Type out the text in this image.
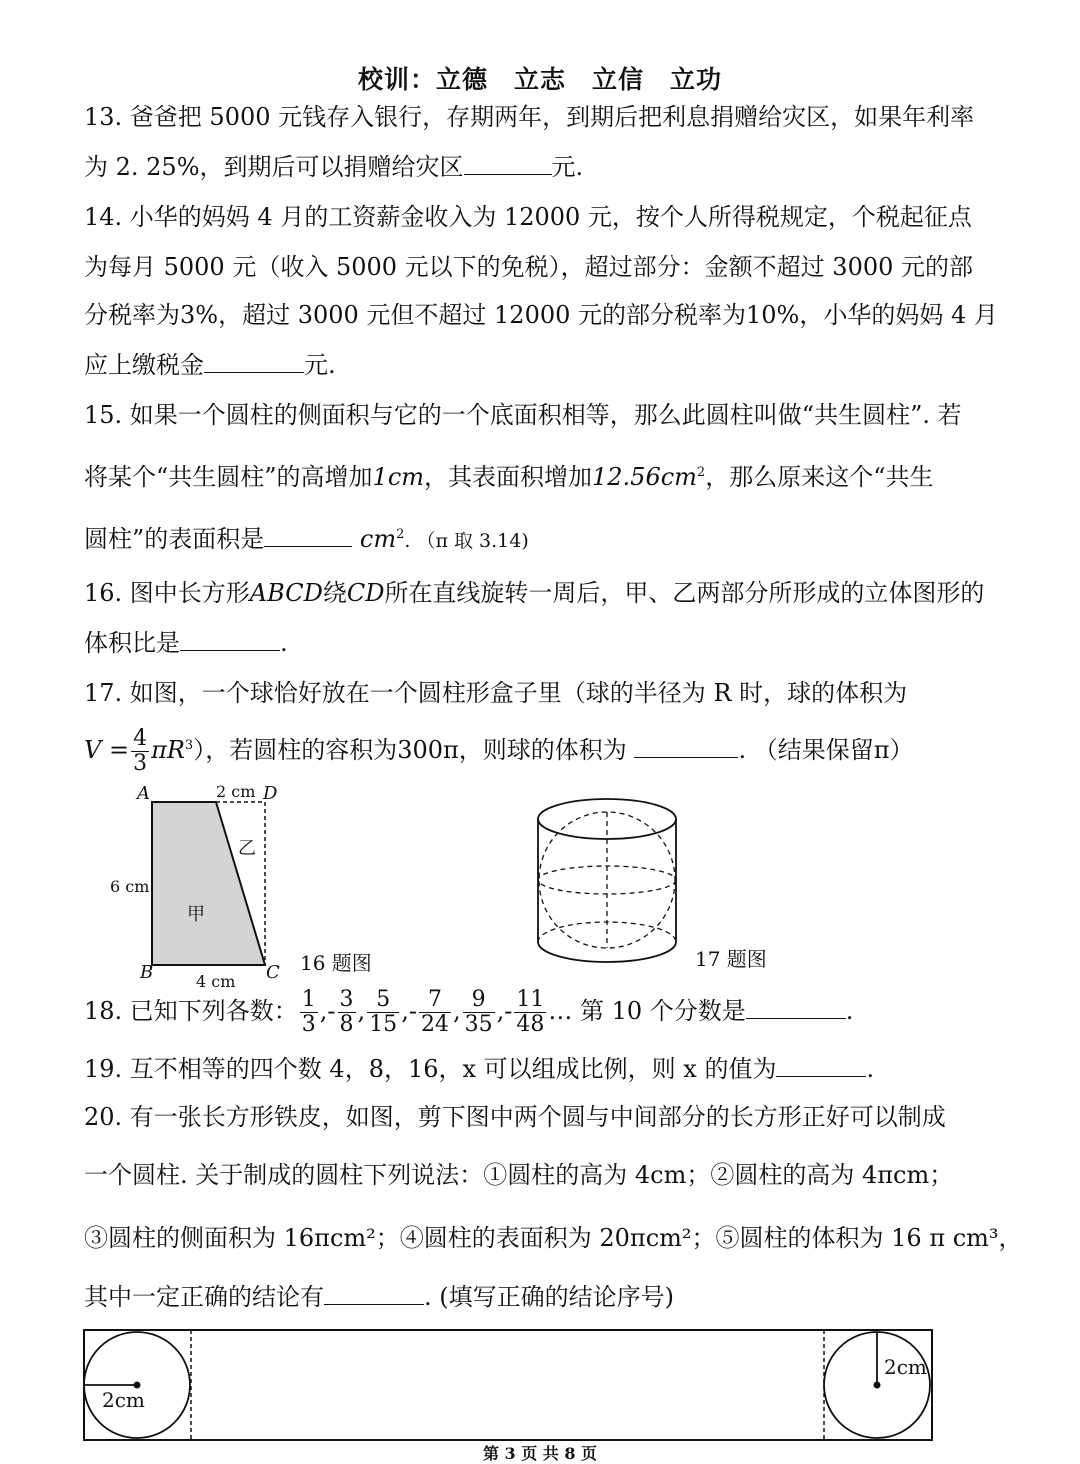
校训：立德　立志　立信　立功
13. 爸爸把 5000 元钱存入银行，存期两年，到期后把利息捐赠给灾区，如果年利率
为 2. 25%，到期后可以捐赠给灾区	元.
14. 小华的妈妈 4 月的工资薪金收入为 12000 元，按个人所得税规定，个税起征点
为每月 5000 元（收入 5000 元以下的免税），超过部分：金额不超过 3000 元的部
分税率为3%，超过 3000 元但不超过 12000 元的部分税率为10%，小华的妈妈 4 月
应上缴税金	元.
15. 如果一个圆柱的侧面积与它的一个底面积相等，那么此圆柱叫做“共生圆柱”. 若
将某个“共生圆柱”的高增加1cm，其表面积增加$12.56cm^2$，那么原来这个“共生
圆柱”的表面积是	$cm^2$. （π 取 3.14)
16. 图中长方形ABCD绕CD所在直线旋转一周后，甲、乙两部分所形成的立体图形的
体积比是	.
17. 如图，一个球恰好放在一个圆柱形盒子里（球的半径为 R 时，球的体积为
$V = \frac{4}{3} \pi R^3$），若圆柱的容积为300π，则球的体积为	. （结果保留π）
A	D
B	C
2 cm
6 cm
4 cm
甲
乙
16 题图	17 题图
18. 已知下列各数： $\frac{1}{3}$ ,- $\frac{3}{8}$ , $\frac{5}{15}$ ,- $\frac{7}{24}$ , $\frac{9}{35}$ ,- $\frac{11}{48}$ … 第 10 个分数是	.
19. 互不相等的四个数 4，8，16，x 可以组成比例，则 x 的值为	.
20. 有一张长方形铁皮，如图，剪下图中两个圆与中间部分的长方形正好可以制成
一个圆柱. 关于制成的圆柱下列说法：①圆柱的高为 4cm；②圆柱的高为 4πcm；
③圆柱的侧面积为 16πcm²；④圆柱的表面积为 20πcm²；⑤圆柱的体积为 16 π cm³，
其中一定正确的结论有	. (填写正确的结论序号)
2cm
2cm
第 3 页 共 8 页
